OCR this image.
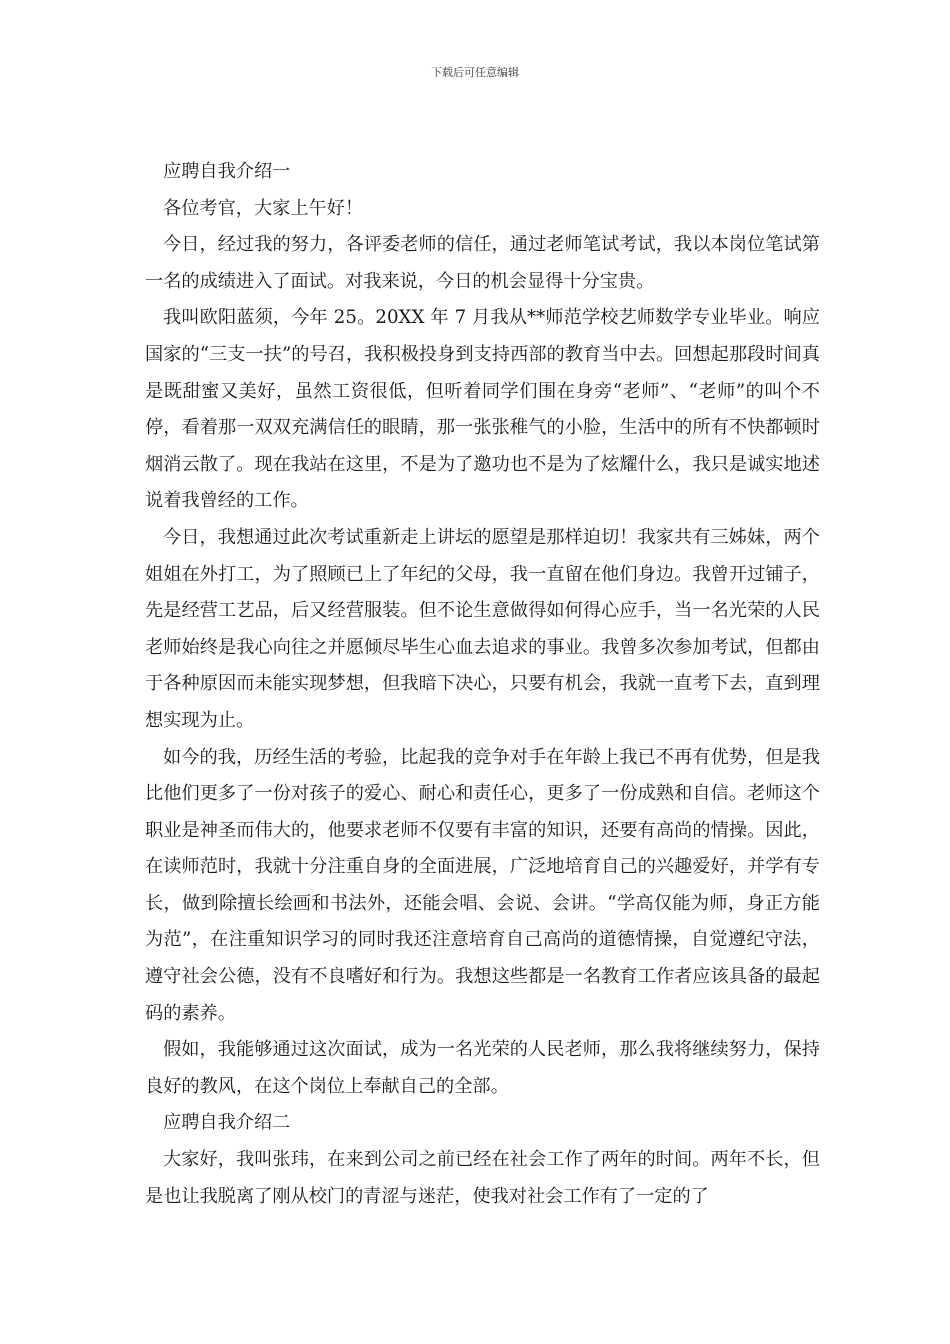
下载后可任意编辑

应聘自我介绍一

各位考官，大家上午好！

今日，经过我的努力，各评委老师的信任，通过老师笔试考试，我以本岗位笔试第一名的成绩进入了面试。对我来说，今日的机会显得十分宝贵。

我叫欧阳蓝须，今年 25。20XX 年 7 月我从**师范学校艺师数学专业毕业。响应国家的“三支一扶”的号召，我积极投身到支持西部的教育当中去。回想起那段时间真是既甜蜜又美好，虽然工资很低，但听着同学们围在身旁“老师”、“老师”的叫个不停，看着那一双双充满信任的眼睛，那一张张稚气的小脸，生活中的所有不快都顿时烟消云散了。现在我站在这里，不是为了邀功也不是为了炫耀什么，我只是诚实地述说着我曾经的工作。

今日，我想通过此次考试重新走上讲坛的愿望是那样迫切！我家共有三姊妹，两个姐姐在外打工，为了照顾已上了年纪的父母，我一直留在他们身边。我曾开过铺子，先是经营工艺品，后又经营服装。但不论生意做得如何得心应手，当一名光荣的人民老师始终是我心向往之并愿倾尽毕生心血去追求的事业。我曾多次参加考试，但都由于各种原因而未能实现梦想，但我暗下决心，只要有机会，我就一直考下去，直到理想实现为止。

如今的我，历经生活的考验，比起我的竞争对手在年龄上我已不再有优势，但是我比他们更多了一份对孩子的爱心、耐心和责任心，更多了一份成熟和自信。老师这个职业是神圣而伟大的，他要求老师不仅要有丰富的知识，还要有高尚的情操。因此，在读师范时，我就十分注重自身的全面进展，广泛地培育自己的兴趣爱好，并学有专长，做到除擅长绘画和书法外，还能会唱、会说、会讲。“学高仅能为师，身正方能为范”，在注重知识学习的同时我还注意培育自己高尚的道德情操，自觉遵纪守法，遵守社会公德，没有不良嗜好和行为。我想这些都是一名教育工作者应该具备的最起码的素养。

假如，我能够通过这次面试，成为一名光荣的人民老师，那么我将继续努力，保持良好的教风，在这个岗位上奉献自己的全部。

应聘自我介绍二

大家好，我叫张玮，在来到公司之前已经在社会工作了两年的时间。两年不长，但是也让我脱离了刚从校门的青涩与迷茫，使我对社会工作有了一定的了
